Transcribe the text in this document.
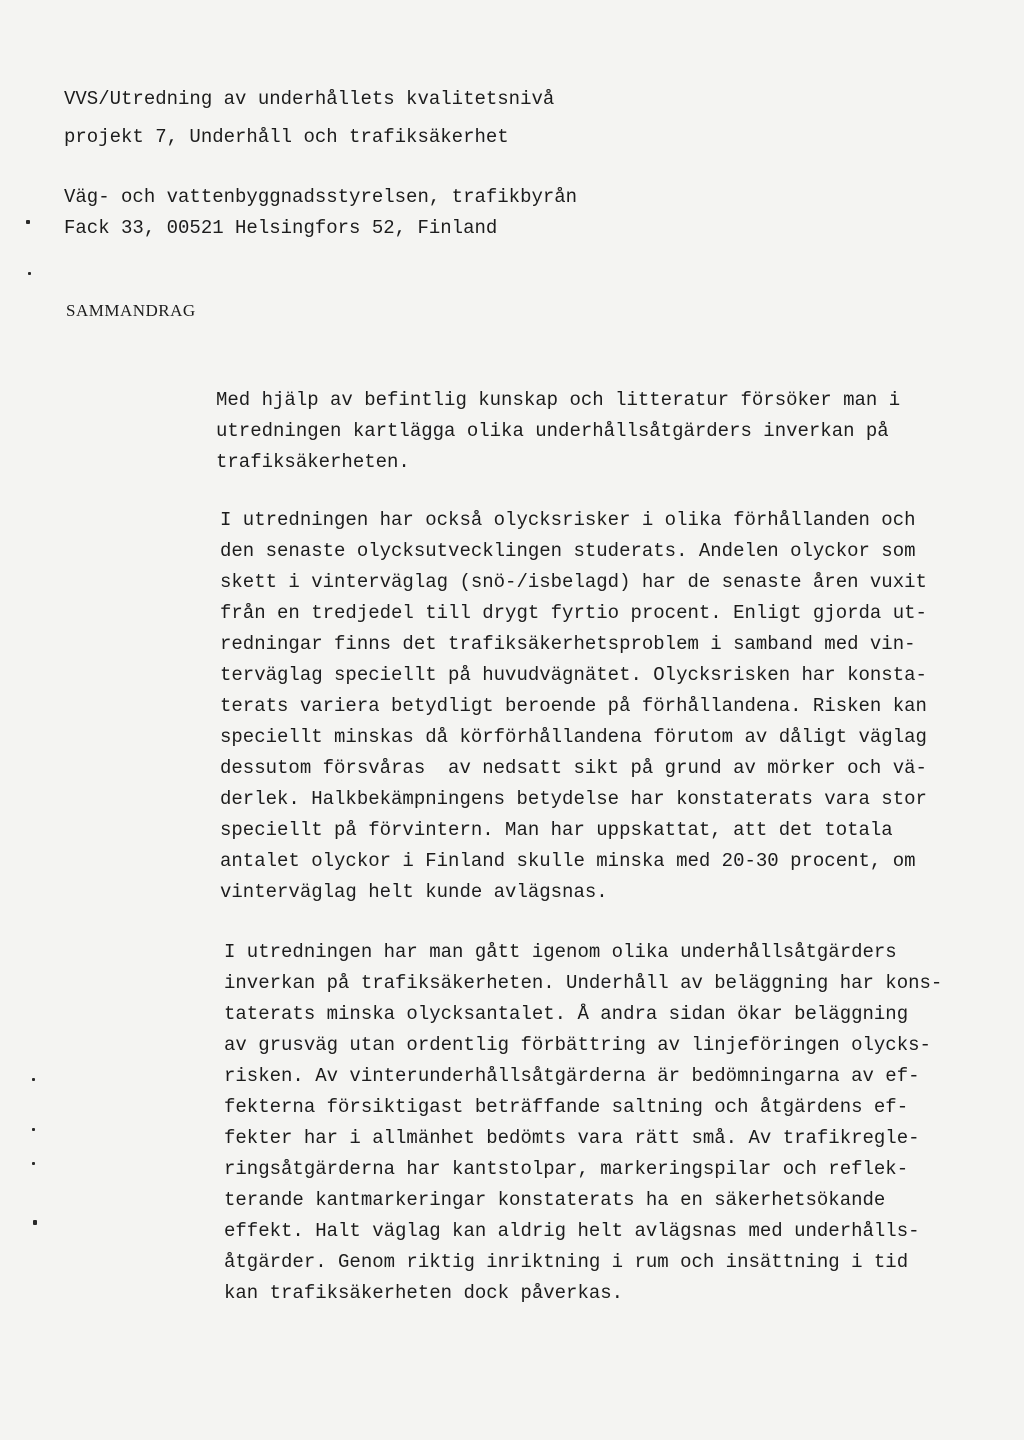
VVS/Utredning av underhållets kvalitetsnivå
projekt 7, Underhåll och trafiksäkerhet
Väg- och vattenbyggnadsstyrelsen, trafikbyrån
Fack 33, 00521 Helsingfors 52, Finland
SAMMANDRAG
Med hjälp av befintlig kunskap och litteratur försöker man i
utredningen kartlägga olika underhållsåtgärders inverkan på
trafiksäkerheten.
I utredningen har också olycksrisker i olika förhållanden och
den senaste olycksutvecklingen studerats. Andelen olyckor som
skett i vinterväglag (snö-/isbelagd) har de senaste åren vuxit
från en tredjedel till drygt fyrtio procent. Enligt gjorda ut-
redningar finns det trafiksäkerhetsproblem i samband med vin-
terväglag speciellt på huvudvägnätet. Olycksrisken har konsta-
terats variera betydligt beroende på förhållandena. Risken kan
speciellt minskas då körförhållandena förutom av dåligt väglag
dessutom försvåras  av nedsatt sikt på grund av mörker och vä-
derlek. Halkbekämpningens betydelse har konstaterats vara stor
speciellt på förvintern. Man har uppskattat, att det totala
antalet olyckor i Finland skulle minska med 20-30 procent, om
vinterväglag helt kunde avlägsnas.
I utredningen har man gått igenom olika underhållsåtgärders
inverkan på trafiksäkerheten. Underhåll av beläggning har kons-
taterats minska olycksantalet. Å andra sidan ökar beläggning
av grusväg utan ordentlig förbättring av linjeföringen olycks-
risken. Av vinterunderhållsåtgärderna är bedömningarna av ef-
fekterna försiktigast beträffande saltning och åtgärdens ef-
fekter har i allmänhet bedömts vara rätt små. Av trafikregle-
ringsåtgärderna har kantstolpar, markeringspilar och reflek-
terande kantmarkeringar konstaterats ha en säkerhetsökande
effekt. Halt väglag kan aldrig helt avlägsnas med underhålls-
åtgärder. Genom riktig inriktning i rum och insättning i tid
kan trafiksäkerheten dock påverkas.
